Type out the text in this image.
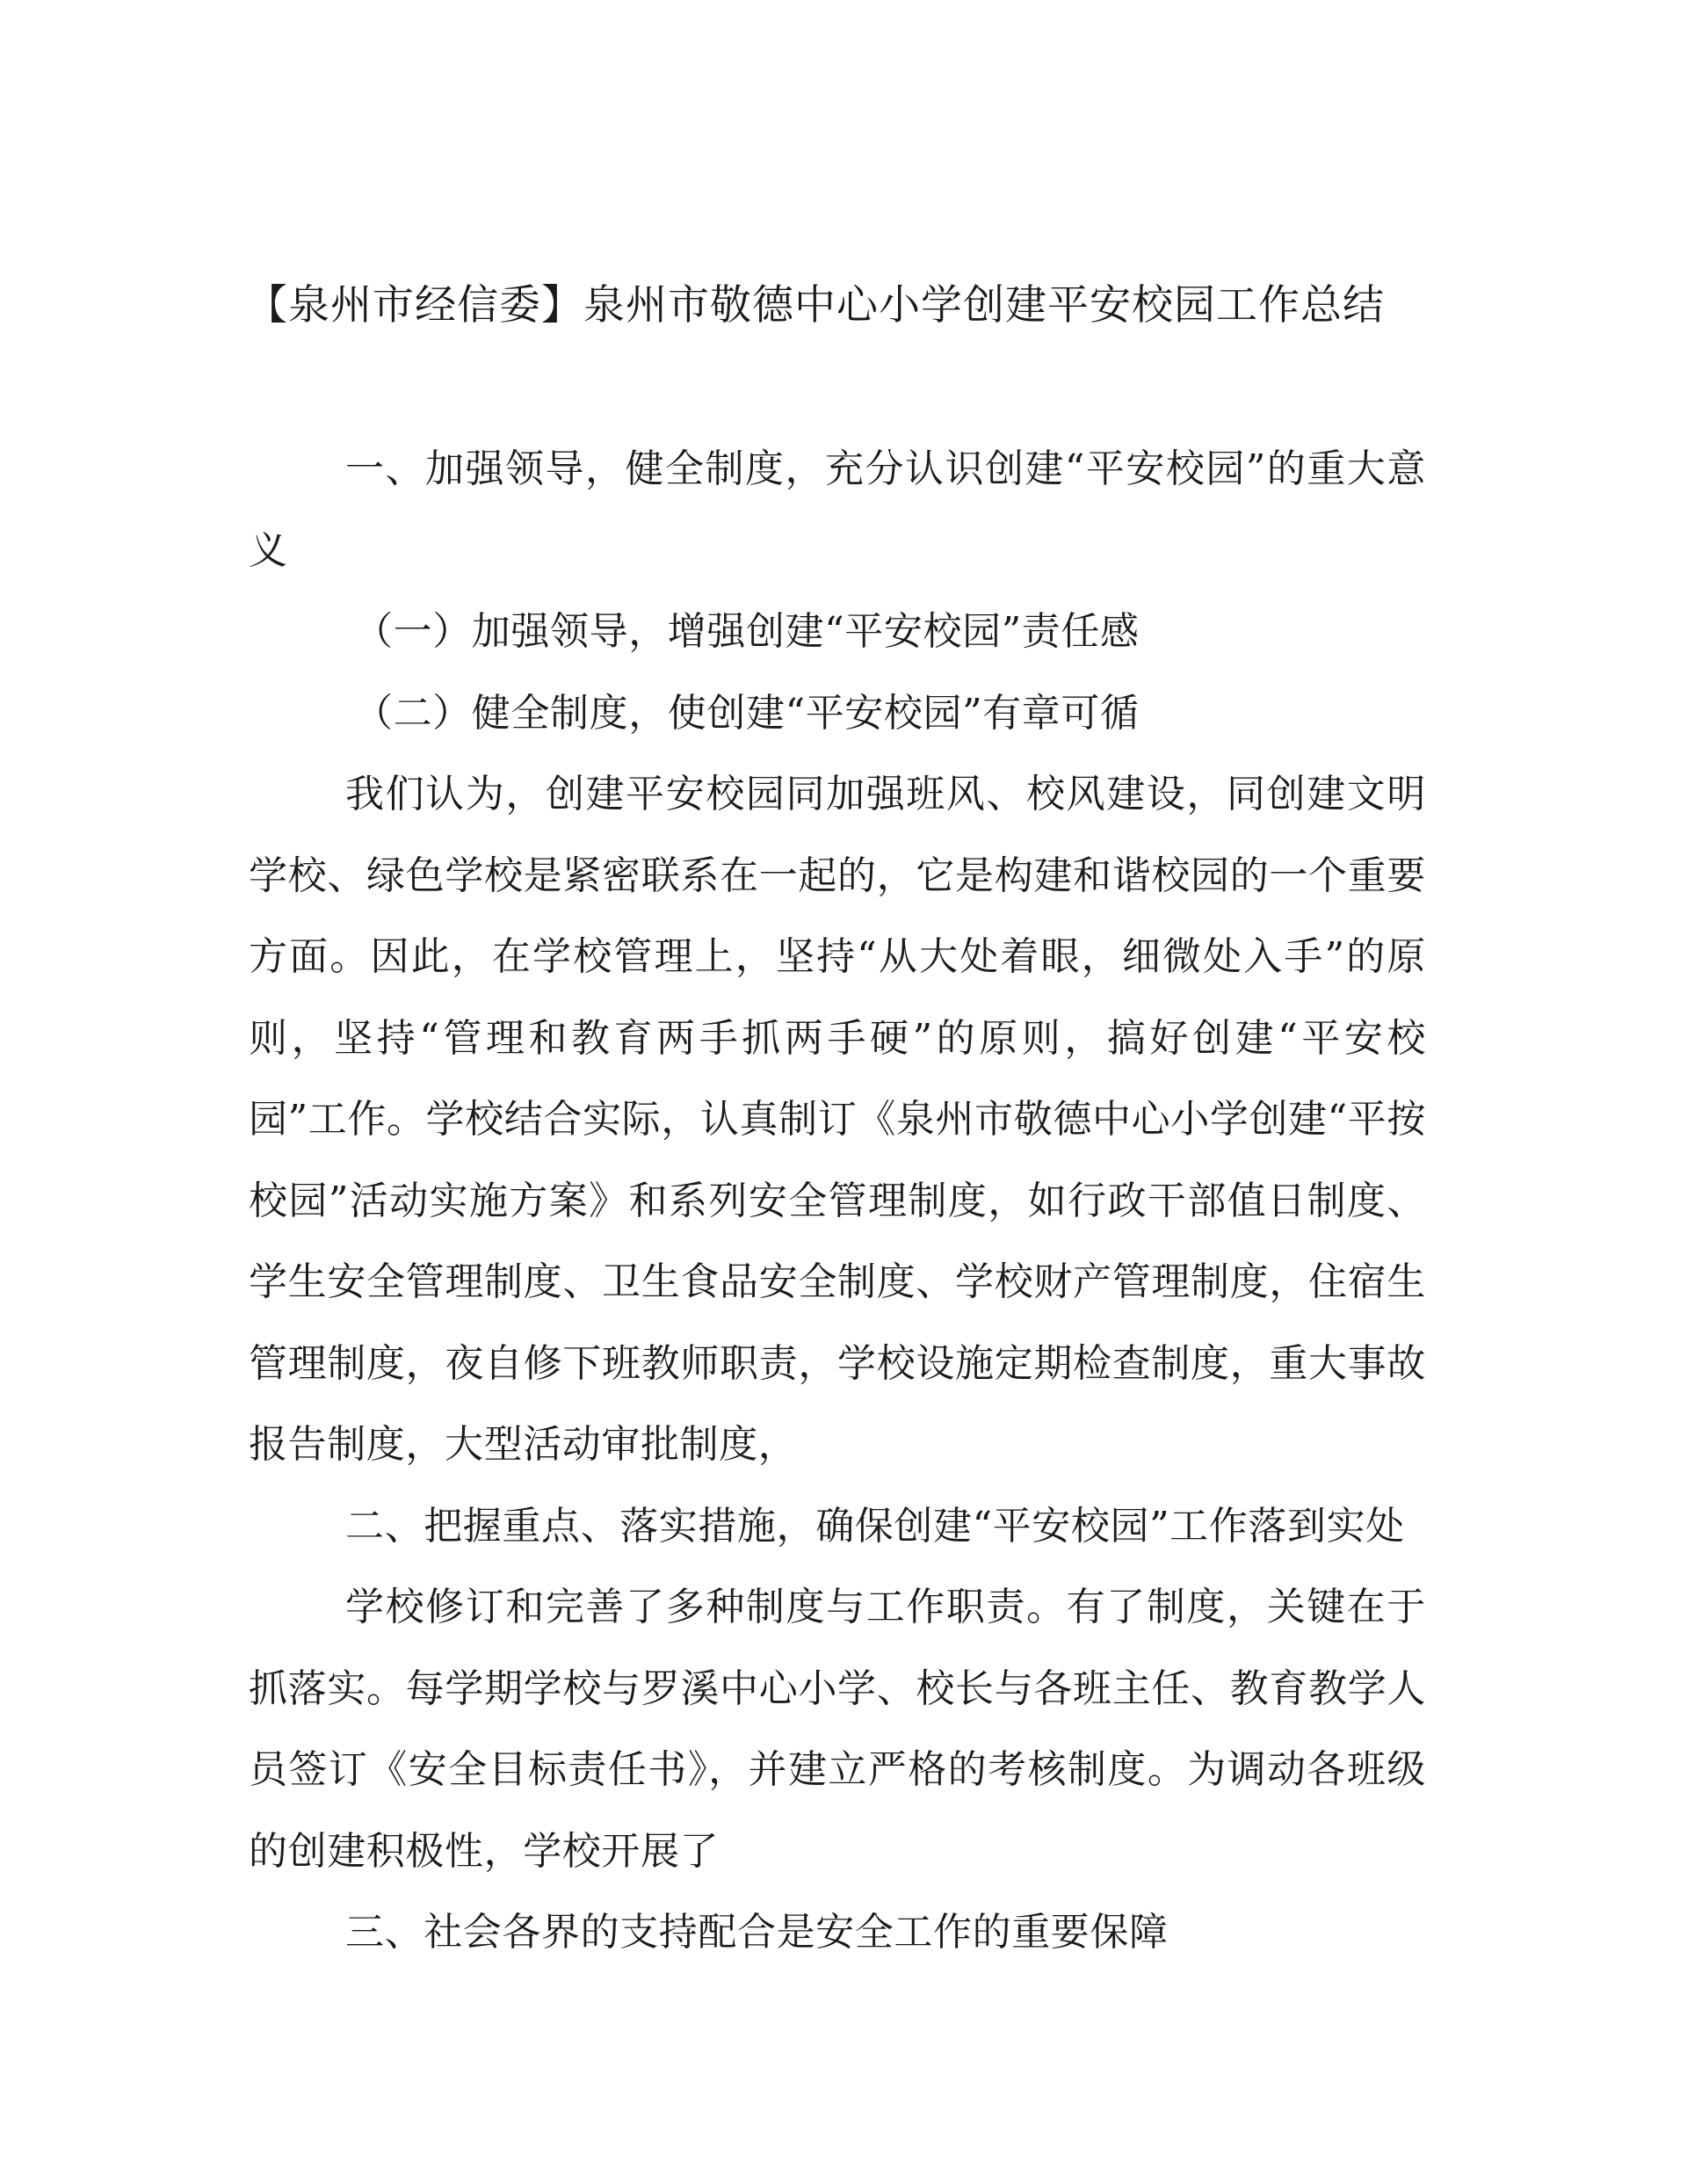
【泉州市经信委】泉州市敬德中心小学创建平安校园工作总结

一、加强领导，健全制度，充分认识创建“平安校园”的重大意义

（一）加强领导，增强创建“平安校园”责任感

（二）健全制度，使创建“平安校园”有章可循

我们认为，创建平安校园同加强班风、校风建设，同创建文明学校、绿色学校是紧密联系在一起的，它是构建和谐校园的一个重要方面。因此，在学校管理上，坚持“从大处着眼，细微处入手”的原则，坚持“管理和教育两手抓两手硬”的原则，搞好创建“平安校园”工作。学校结合实际，认真制订《泉州市敬德中心小学创建“平按校园”活动实施方案》和系列安全管理制度，如行政干部值日制度、学生安全管理制度、卫生食品安全制度、学校财产管理制度，住宿生管理制度，夜自修下班教师职责，学校设施定期检查制度，重大事故报告制度，大型活动审批制度，

二、把握重点、落实措施，确保创建“平安校园”工作落到实处

学校修订和完善了多种制度与工作职责。有了制度，关键在于抓落实。每学期学校与罗溪中心小学、校长与各班主任、教育教学人员签订《安全目标责任书》，并建立严格的考核制度。为调动各班级的创建积极性，学校开展了

三、社会各界的支持配合是安全工作的重要保障
